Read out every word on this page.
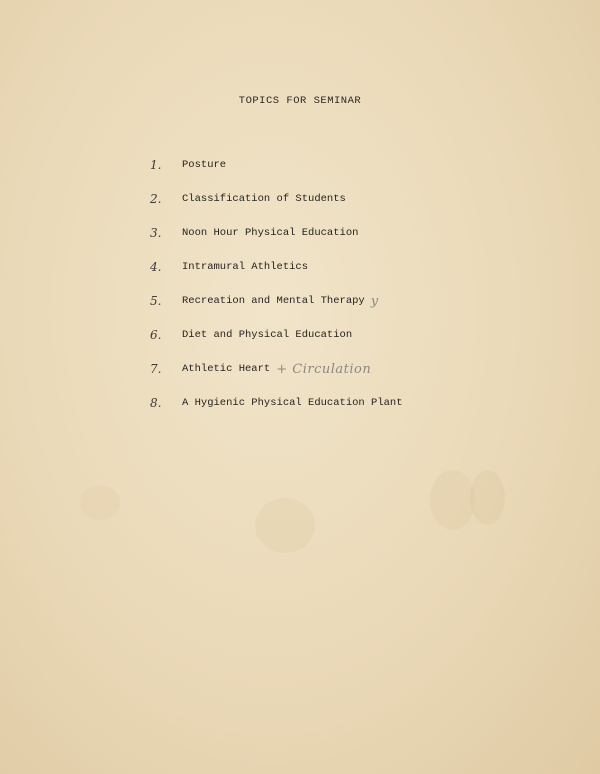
TOPICS FOR SEMINAR
1.	Posture
2.	Classification of Students
3.	Noon Hour Physical Education
4.	Intramural Athletics
5.	Recreation and Mental Therapy y
6.	Diet and Physical Education
7.	Athletic Heart + Circulation
8.	A Hygienic Physical Education Plant
